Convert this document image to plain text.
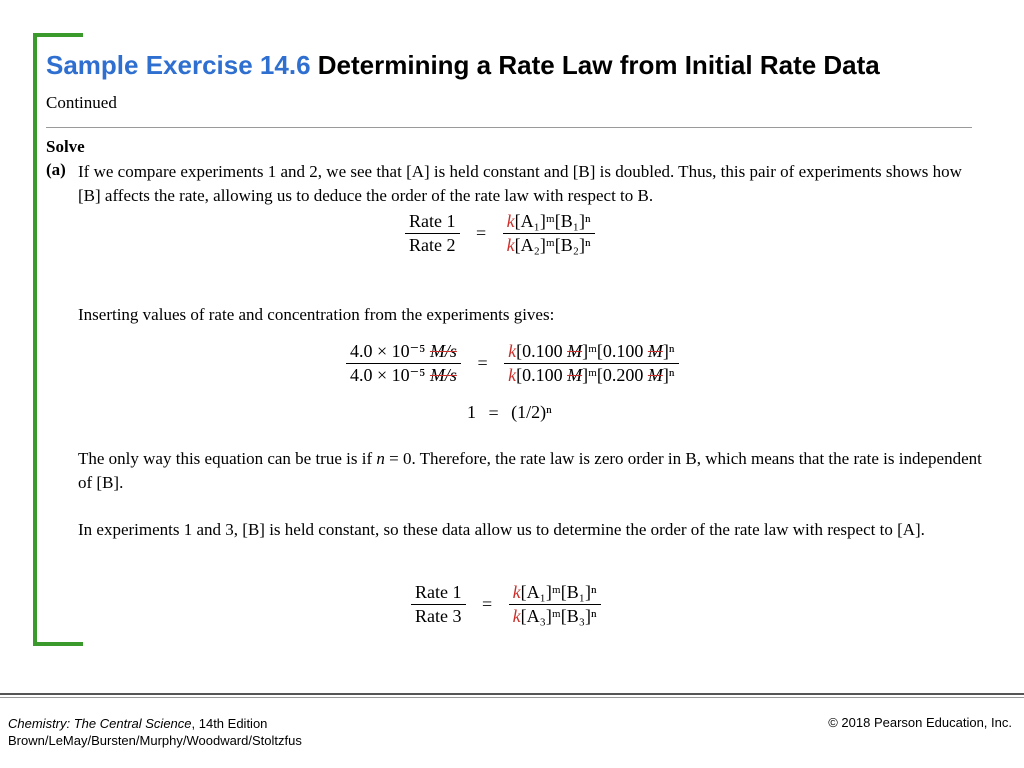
Sample Exercise 14.6 Determining a Rate Law from Initial Rate Data
Continued
Solve
(a) If we compare experiments 1 and 2, we see that [A] is held constant and [B] is doubled. Thus, this pair of experiments shows how [B] affects the rate, allowing us to deduce the order of the rate law with respect to B.
$\frac{\text{Rate 1}}{\text{Rate 2}} = \frac{\text{k[A₁]ᵐ[B₁]ⁿ}}{\text{k[A₂]ᵐ[B₂]ⁿ}}$
Inserting values of rate and concentration from the experiments gives:
$\frac{\text{4.0 × 10⁻⁵ M/s}}{\text{4.0 × 10⁻⁵ M/s}} = \frac{\text{k[0.100 M]ᵐ[0.100 M]ⁿ}}{\text{k[0.100 M]ᵐ[0.200 M]ⁿ}}$
1 = (1/2)ⁿ
The only way this equation can be true is if n = 0. Therefore, the rate law is zero order in B, which means that the rate is independent of [B].
In experiments 1 and 3, [B] is held constant, so these data allow us to determine the order of the rate law with respect to [A].
$\frac{\text{Rate 1}}{\text{Rate 3}} = \frac{\text{k[A₁]ᵐ[B₁]ⁿ}}{\text{k[A₃]ᵐ[B₃]ⁿ}}$
Chemistry: The Central Science, 14th Edition
Brown/LeMay/Bursten/Murphy/Woodward/Stoltzfus
© 2018 Pearson Education, Inc.
